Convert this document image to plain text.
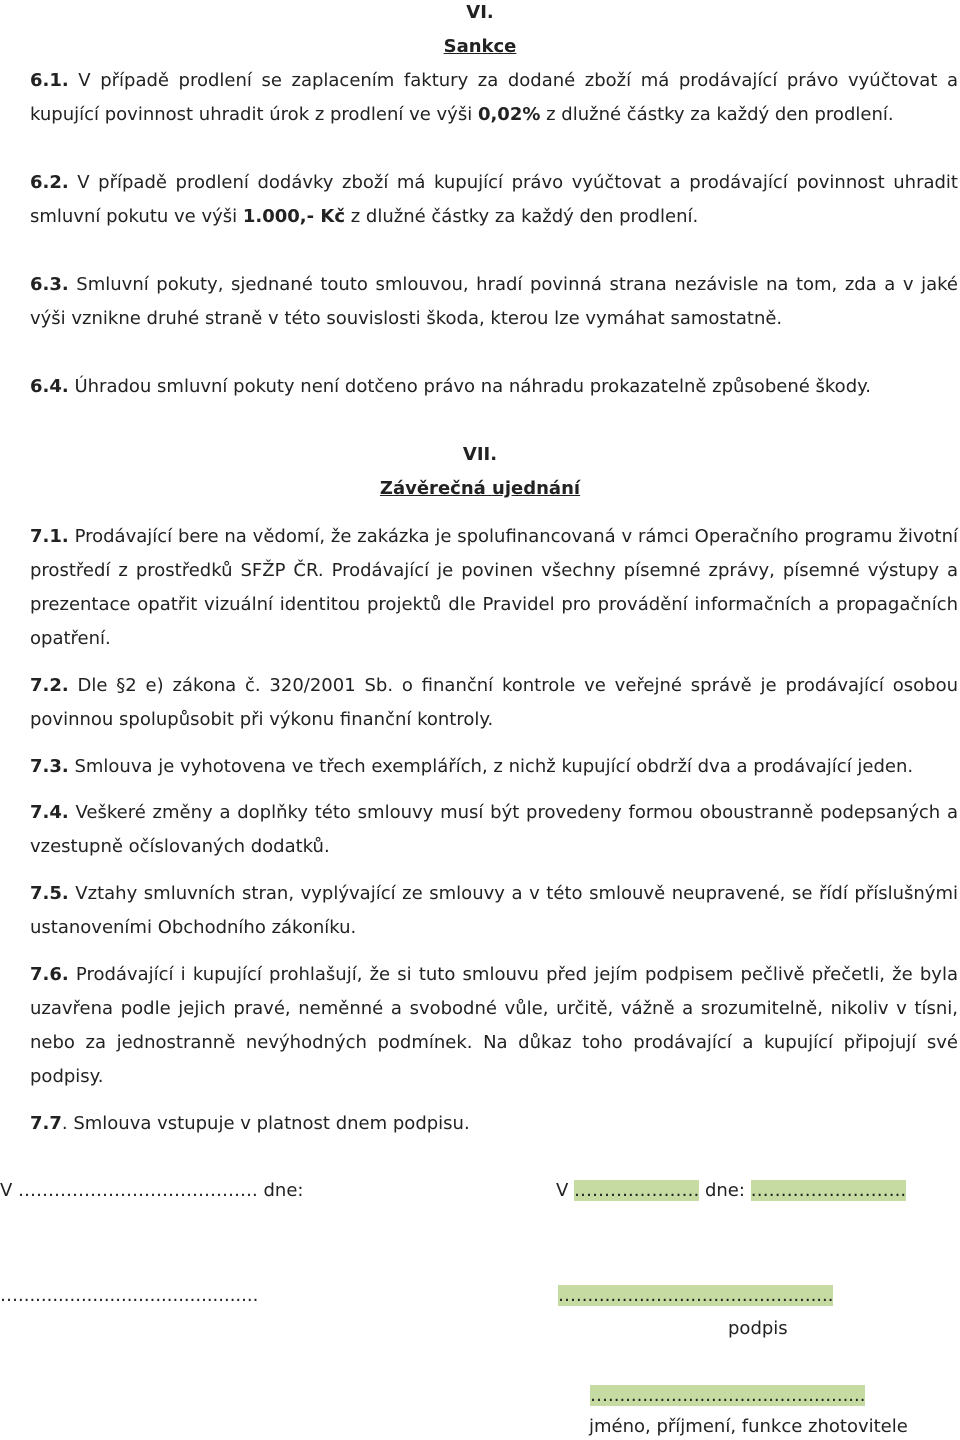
VI.
Sankce
6.1. V případě prodlení se zaplacením faktury za dodané zboží má prodávající právo vyúčtovat a kupující povinnost uhradit úrok z prodlení ve výši 0,02% z dlužné částky za každý den prodlení.
6.2. V případě prodlení dodávky zboží má kupující právo vyúčtovat a prodávající povinnost uhradit smluvní pokutu ve výši 1.000,- Kč z dlužné částky za každý den prodlení.
6.3. Smluvní pokuty, sjednané touto smlouvou, hradí povinná strana nezávisle na tom, zda a v jaké výši vznikne druhé straně v této souvislosti škoda, kterou lze vymáhat samostatně.
6.4. Úhradou smluvní pokuty není dotčeno právo na náhradu prokazatelně způsobené škody.
VII.
Závěrečná ujednání
7.1. Prodávající bere na vědomí, že zakázka je spolufinancovaná v rámci Operačního programu životní prostředí z prostředků SFŽP ČR. Prodávající je povinen všechny písemné zprávy, písemné výstupy a prezentace opatřit vizuální identitou projektů dle Pravidel pro provádění informačních a propagačních opatření.
7.2. Dle §2 e) zákona č. 320/2001 Sb. o finanční kontrole ve veřejné správě je prodávající osobou povinnou spolupůsobit při výkonu finanční kontroly.
7.3. Smlouva je vyhotovena ve třech exemplářích, z nichž kupující obdrží dva a prodávající jeden.
7.4. Veškeré změny a doplňky této smlouvy musí být provedeny formou oboustranně podepsaných a vzestupně očíslovaných dodatků.
7.5. Vztahy smluvních stran, vyplývající ze smlouvy a v této smlouvě neupravené, se řídí příslušnými ustanoveními Obchodního zákoníku.
7.6. Prodávající i kupující prohlašují, že si tuto smlouvu před jejím podpisem pečlivě přečetli, že byla uzavřena podle jejich pravé, neměnné a svobodné vůle, určitě, vážně a srozumitelně, nikoliv v tísni, nebo za jednostranně nevýhodných podmínek. Na důkaz toho prodávající a kupující připojují své podpisy.
7.7. Smlouva vstupuje v platnost dnem podpisu.
V …………………………………. dne:	V ………..………. dne: ……………………..
…..........................................	….............................................
podpis
….............................................
jméno, příjmení, funkce zhotovitele
